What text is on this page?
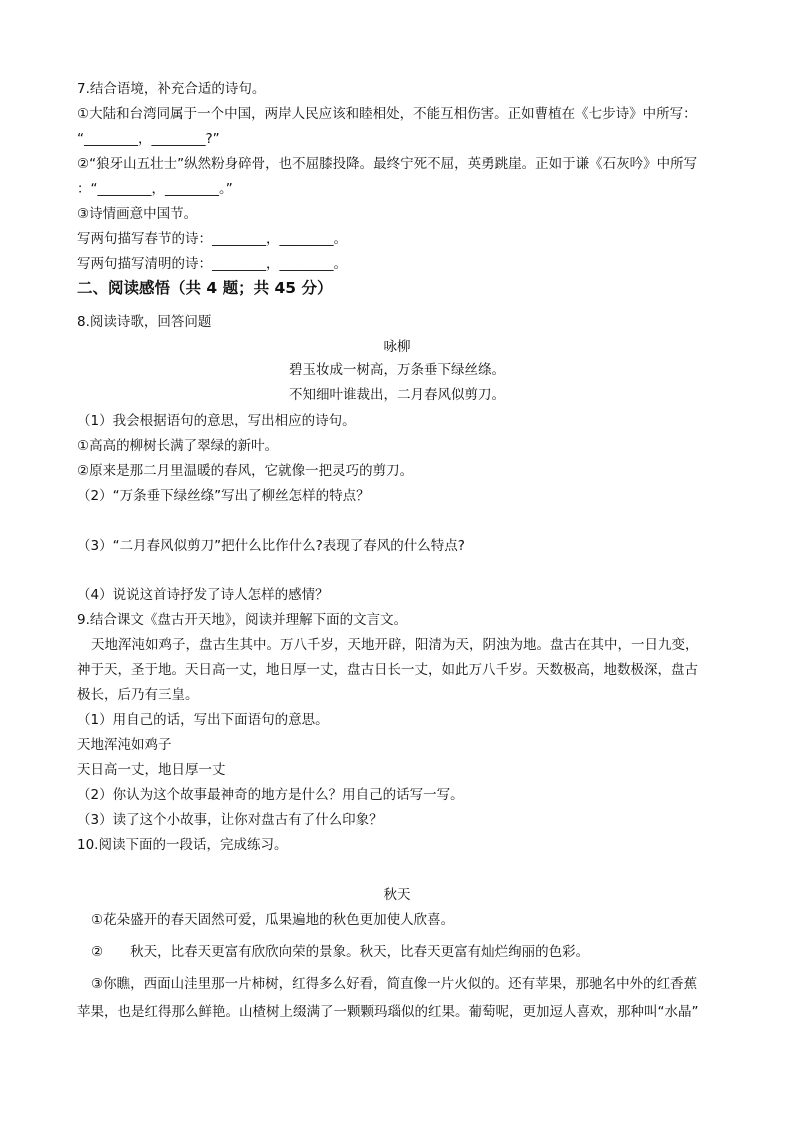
7.结合语境，补充合适的诗句。
①大陆和台湾同属于一个中国，两岸人民应该和睦相处，不能互相伤害。正如曹植在《七步诗》中所写：
“________，________?”
②“狼牙山五壮士”纵然粉身碎骨，也不屈膝投降。最终宁死不屈，英勇跳崖。正如于谦《石灰吟》中所写
：“________，________。”
③诗情画意中国节。
写两句描写春节的诗：________，________。
写两句描写清明的诗：________，________。
二、阅读感悟（共 4 题；共 45 分）
8.阅读诗歌，回答问题
咏柳
碧玉妆成一树高，万条垂下绿丝绦。
不知细叶谁裁出，二月春风似剪刀。
（1）我会根据语句的意思，写出相应的诗句。
①高高的柳树长满了翠绿的新叶。
②原来是那二月里温暖的春风，它就像一把灵巧的剪刀。
（2）“万条垂下绿丝绦”写出了柳丝怎样的特点？
（3）“二月春风似剪刀”把什么比作什么?表现了春风的什么特点?
（4）说说这首诗抒发了诗人怎样的感情？
9.结合课文《盘古开天地》，阅读并理解下面的文言文。
天地浑沌如鸡子，盘古生其中。万八千岁，天地开辟，阳清为天，阴浊为地。盘古在其中，一日九变，
神于天，圣于地。天日高一丈，地日厚一丈，盘古日长一丈，如此万八千岁。天数极高，地数极深，盘古
极长，后乃有三皇。
（1）用自己的话，写出下面语句的意思。
天地浑沌如鸡子
天日高一丈，地日厚一丈
（2）你认为这个故事最神奇的地方是什么？用自己的话写一写。
（3）读了这个小故事，让你对盘古有了什么印象？
10.阅读下面的一段话，完成练习。
秋天
①花朵盛开的春天固然可爱，瓜果遍地的秋色更加使人欣喜。
②　　秋天，比春天更富有欣欣向荣的景象。秋天，比春天更富有灿烂绚丽的色彩。
③你瞧，西面山洼里那一片柿树，红得多么好看，简直像一片火似的。还有苹果，那驰名中外的红香蕉
苹果，也是红得那么鲜艳。山楂树上缀满了一颗颗玛瑙似的红果。葡萄呢，更加逗人喜欢，那种叫“水晶”
